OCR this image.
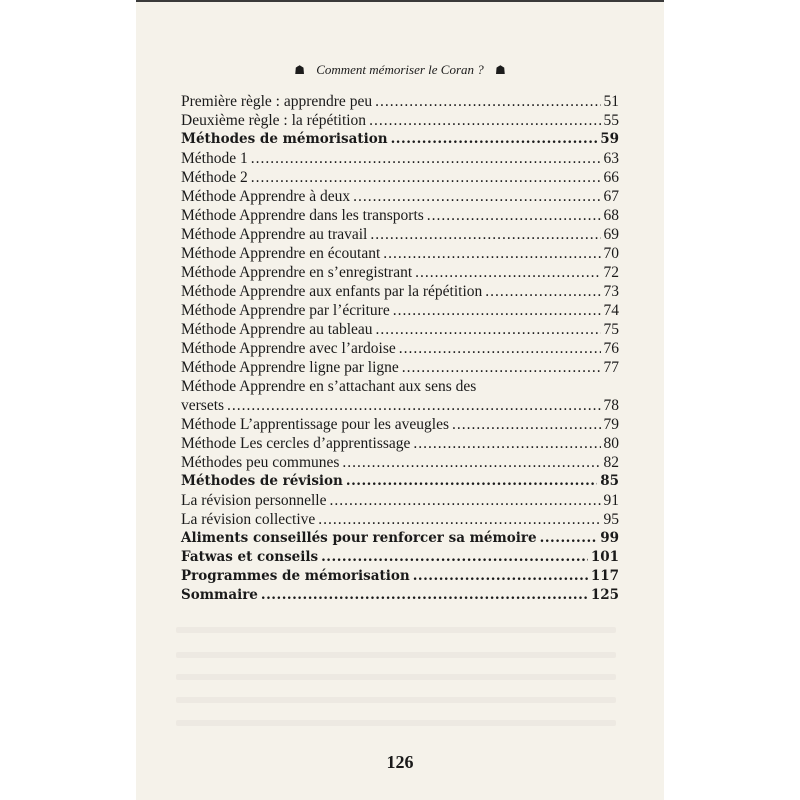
☗ Comment mémoriser le Coran ? ☗
Première règle : apprendre peu .....	51
Deuxième règle : la répétition .....	55
Méthodes de mémorisation .....	59
Méthode 1 .....	63
Méthode 2 .....	66
Méthode Apprendre à deux .....	67
Méthode Apprendre dans les transports .....	68
Méthode Apprendre au travail .....	69
Méthode Apprendre en écoutant .....	70
Méthode Apprendre en s’enregistrant .....	72
Méthode Apprendre aux enfants par la répétition .....	73
Méthode Apprendre par l’écriture .....	74
Méthode Apprendre au tableau .....	75
Méthode Apprendre avec l’ardoise .....	76
Méthode Apprendre ligne par ligne .....	77
Méthode Apprendre en s’attachant aux sens des
versets .....	78
Méthode L’apprentissage pour les aveugles .....	79
Méthode Les cercles d’apprentissage .....	80
Méthodes peu communes .....	82
Méthodes de révision .....	85
La révision personnelle .....	91
La révision collective .....	95
Aliments conseillés pour renforcer sa mémoire .....	99
Fatwas et conseils .....	101
Programmes de mémorisation .....	117
Sommaire .....	125
126
